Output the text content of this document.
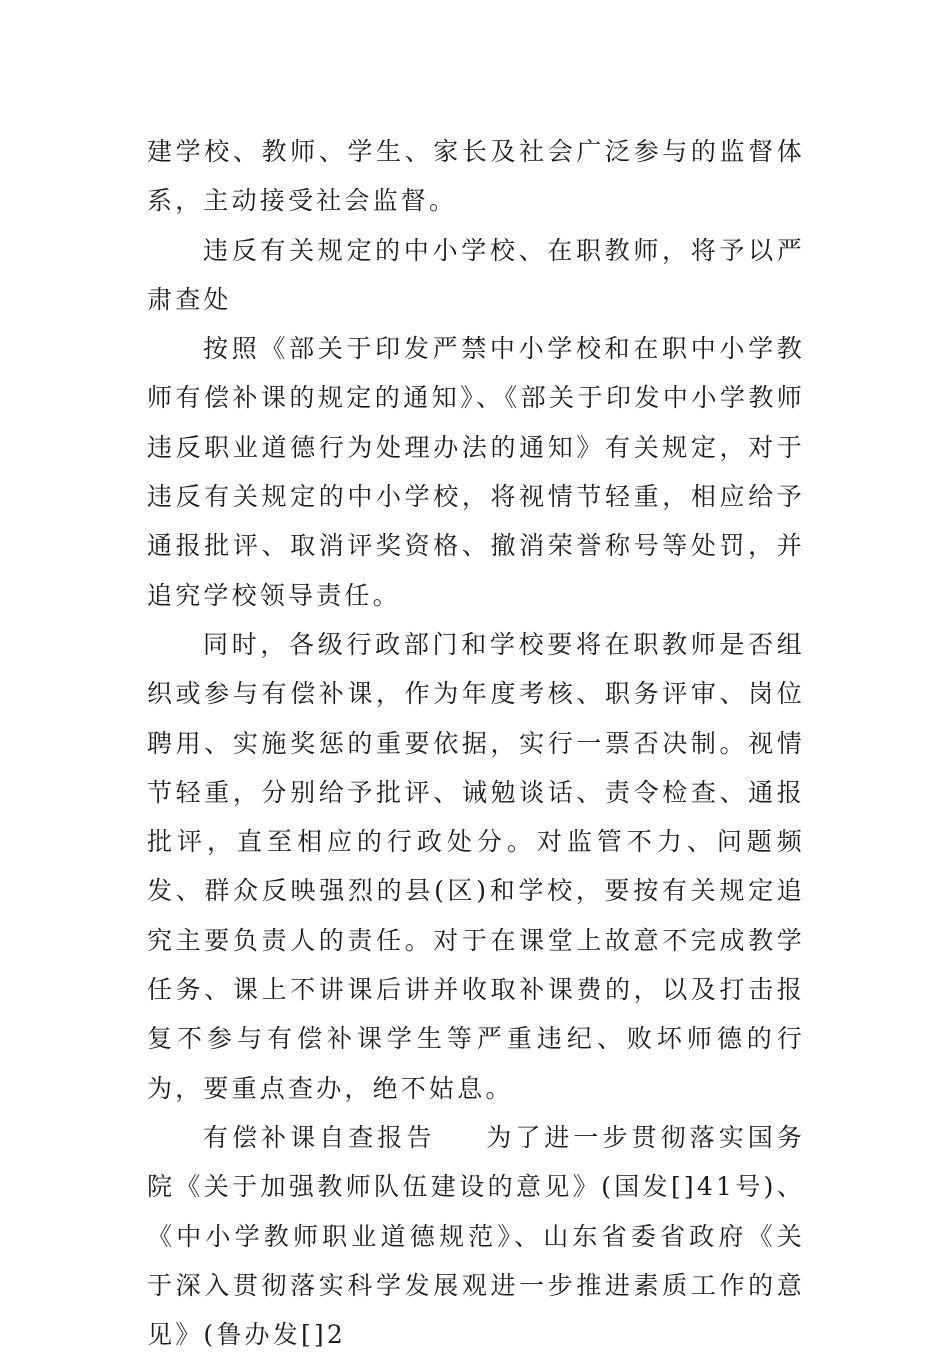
建学校、教师、学生、家长及社会广泛参与的监督体系，主动接受社会监督。

违反有关规定的中小学校、在职教师，将予以严肃查处

按照《部关于印发严禁中小学校和在职中小学教师有偿补课的规定的通知》、《部关于印发中小学教师违反职业道德行为处理办法的通知》有关规定，对于违反有关规定的中小学校，将视情节轻重，相应给予通报批评、取消评奖资格、撤消荣誉称号等处罚，并追究学校领导责任。

同时，各级行政部门和学校要将在职教师是否组织或参与有偿补课，作为年度考核、职务评审、岗位聘用、实施奖惩的重要依据，实行一票否决制。视情节轻重，分别给予批评、诫勉谈话、责令检查、通报批评，直至相应的行政处分。对监管不力、问题频发、群众反映强烈的县(区)和学校，要按有关规定追究主要负责人的责任。对于在课堂上故意不完成教学任务、课上不讲课后讲并收取补课费的，以及打击报复不参与有偿补课学生等严重违纪、败坏师德的行为，要重点查办，绝不姑息。

有偿补课自查报告 为了进一步贯彻落实国务院《关于加强教师队伍建设的意见》(国发[]41号)、《中小学教师职业道德规范》、山东省委省政府《关于深入贯彻落实科学发展观进一步推进素质工作的意见》(鲁办发[]2
